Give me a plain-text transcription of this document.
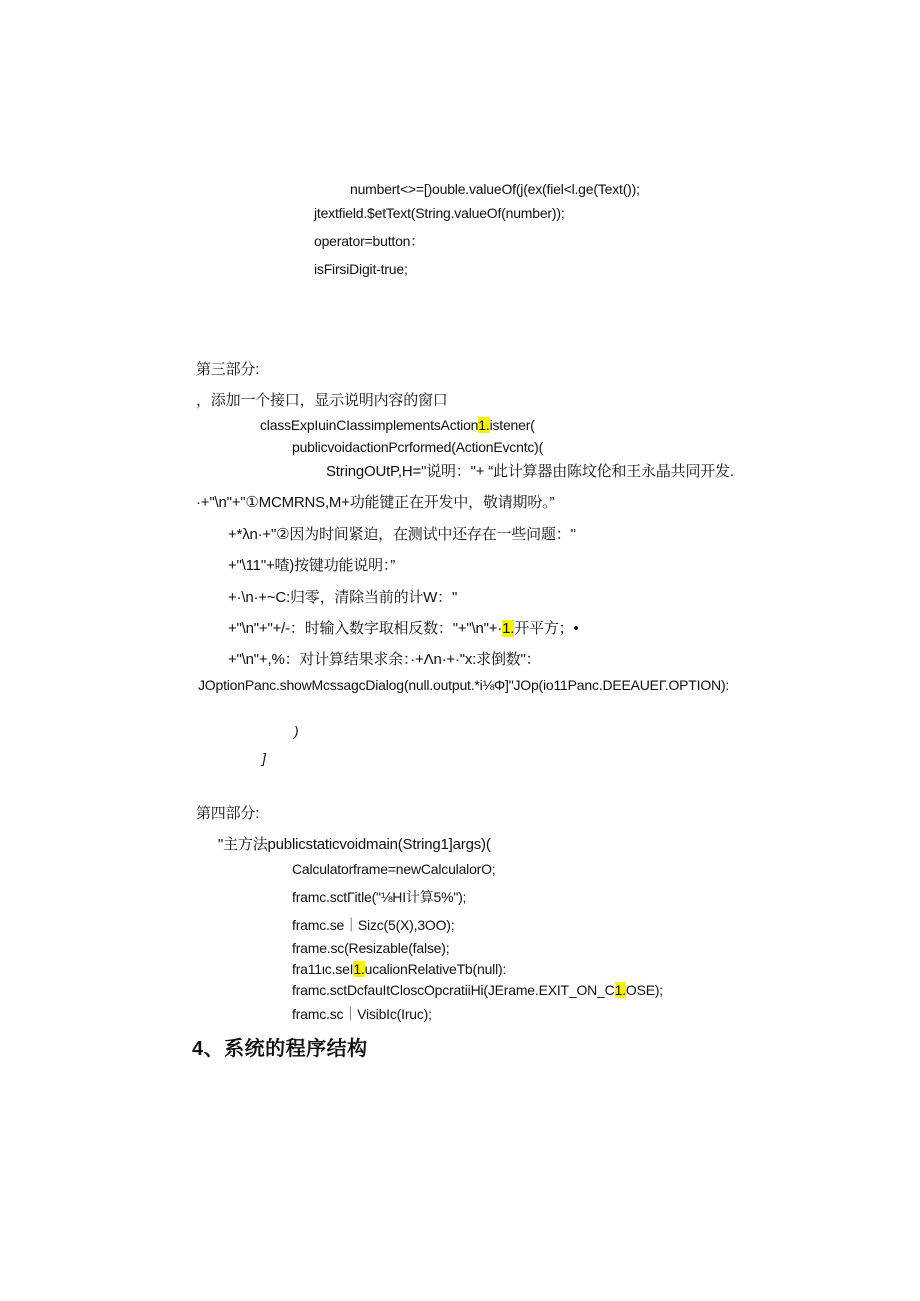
numbert<>=[)ouble.valueOf(j(ex(fiel<l.ge(Text());
jtextfield.$etText(String.valueOf(number));
operator=button：
isFirsiDigit-true;
第三部分:
，添加一个接口，显示说明内容的窗口
classExpIuinCIassimplementsAction1.istener(
publicvoidactionPcrformed(ActionEvcntc)(
StringOUtP,H="说明："+ “此计算器由陈坟伦和王永晶共同开发.
·+"\n"+"①MCMRNS,M+功能键正在开发中，敬请期吩。”
+*λn·+"②因为时间紧迫，在测试中还存在一些问题："
+"\11"+喳)按键功能说明：”
+·\n·+~C:归零，清除当前的计W："
+"\n"+"+/-：时输入数字取相反数："+"\n"+·1.开平方；•
+"\n"+,%：对计算结果求余：·+Λn·+·"x:求倒数"：
JOptionPanc.showMcssagcDialog(null.output.*i⅛Φ]"JOp(io11Panc.DEEAUEΓ.OPTION):
)
]
第四部分:
"主方法publicstaticvoidmain(String1]args)(
Calculatorframe=newCalculalorO;
framc.sctΓitle("⅛HI计算5%");
framc.se｜Sizc(5(X),3OO);
frame.sc(Resizable(false);
fra11ιc.seI1.ucalionRelativeTb(null):
framc.sctDcfauItCloscOpcratiiHi(JErame.EXIT_ON_C1.OSE);
framc.sc｜VisibIc(Iruc);
4、系统的程序结构
